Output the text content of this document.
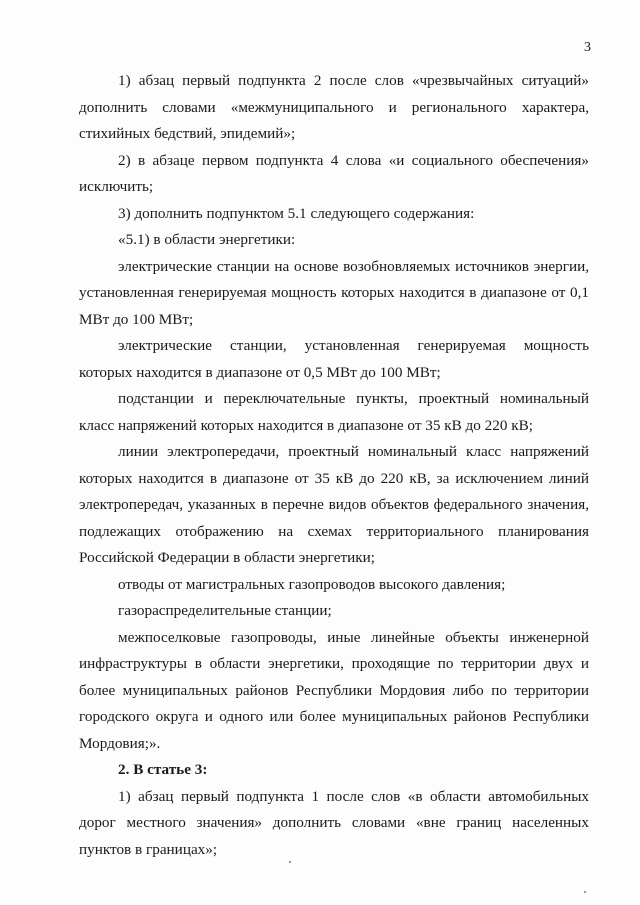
3

1) абзац первый подпункта 2 после слов «чрезвычайных ситуаций» дополнить словами «межмуниципального и регионального характера, стихийных бедствий, эпидемий»;

2) в абзаце первом подпункта 4 слова «и социального обеспечения» исключить;

3) дополнить подпунктом 5.1 следующего содержания:

«5.1) в области энергетики:

электрические станции на основе возобновляемых источников энергии, установленная генерируемая мощность которых находится в диапазоне от 0,1 МВт до 100 МВт;

электрические станции, установленная генерируемая мощность которых находится в диапазоне от 0,5 МВт до 100 МВт;

подстанции и переключательные пункты, проектный номинальный класс напряжений которых находится в диапазоне от 35 кВ до 220 кВ;

линии электропередачи, проектный номинальный класс напряжений которых находится в диапазоне от 35 кВ до 220 кВ, за исключением линий электропередач, указанных в перечне видов объектов федерального значения, подлежащих отображению на схемах территориального планирования Российской Федерации в области энергетики;

отводы от магистральных газопроводов высокого давления;

газораспределительные станции;

межпоселковые газопроводы, иные линейные объекты инженерной инфраструктуры в области энергетики, проходящие по территории двух и более муниципальных районов Республики Мордовия либо по территории городского округа и одного или более муниципальных районов Республики Мордовия;».

2. В статье 3:

1) абзац первый подпункта 1 после слов «в области автомобильных дорог местного значения» дополнить словами «вне границ населенных пунктов в границах»;
